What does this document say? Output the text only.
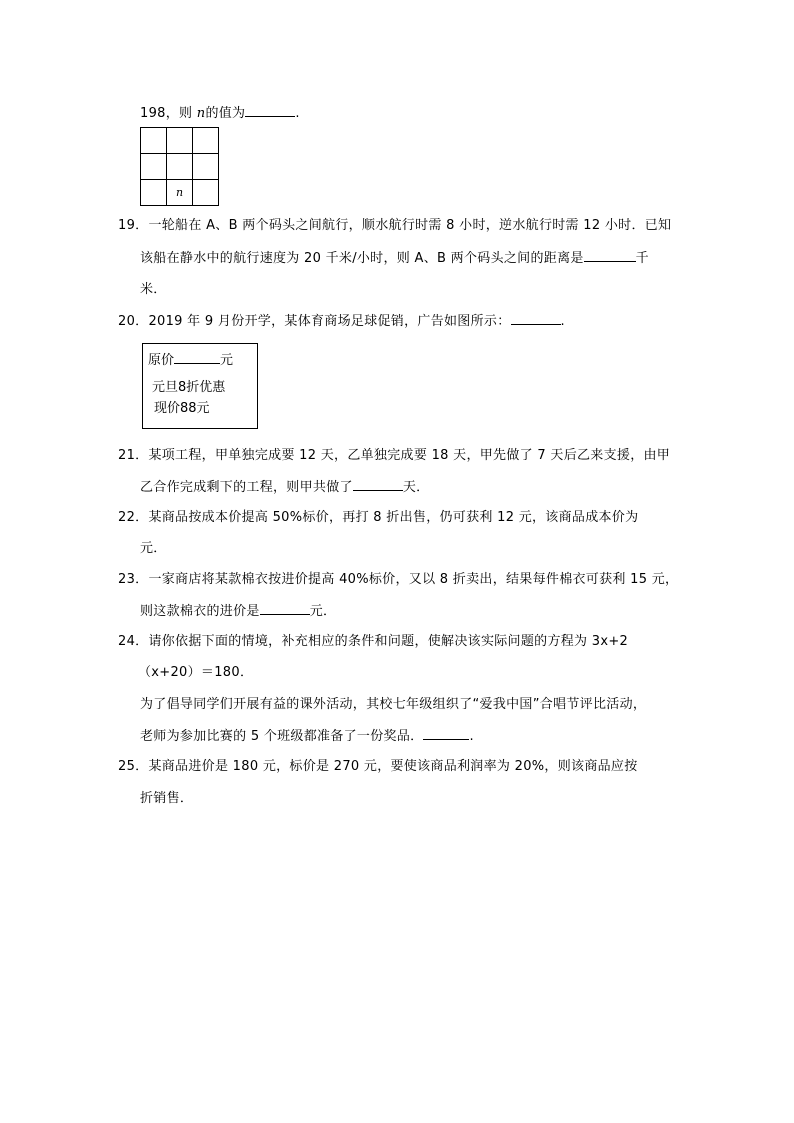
198，则 n的值为	.

	n	
19．一轮船在 A、B 两个码头之间航行，顺水航行时需 8 小时，逆水航行时需 12 小时．已知
该船在静水中的航行速度为 20 千米/小时，则 A、B 两个码头之间的距离是	千
米．
20．2019 年 9 月份开学，某体育商场足球促销，广告如图所示：	.
原价	元
元旦8折优惠
现价88元
21．某项工程，甲单独完成要 12 天，乙单独完成要 18 天，甲先做了 7 天后乙来支援，由甲
乙合作完成剩下的工程，则甲共做了	天．
22．某商品按成本价提高 50%标价，再打 8 折出售，仍可获利 12 元，该商品成本价为
元．
23．一家商店将某款棉衣按进价提高 40%标价，又以 8 折卖出，结果每件棉衣可获利 15 元，
则这款棉衣的进价是	元．
24．请你依据下面的情境，补充相应的条件和问题，使解决该实际问题的方程为 3x+2
（x+20）＝180．
为了倡导同学们开展有益的课外活动，其校七年级组织了“爱我中国”合唱节评比活动，
老师为参加比赛的 5 个班级都准备了一份奖品．	.
25．某商品进价是 180 元，标价是 270 元，要使该商品利润率为 20%，则该商品应按
折销售．
